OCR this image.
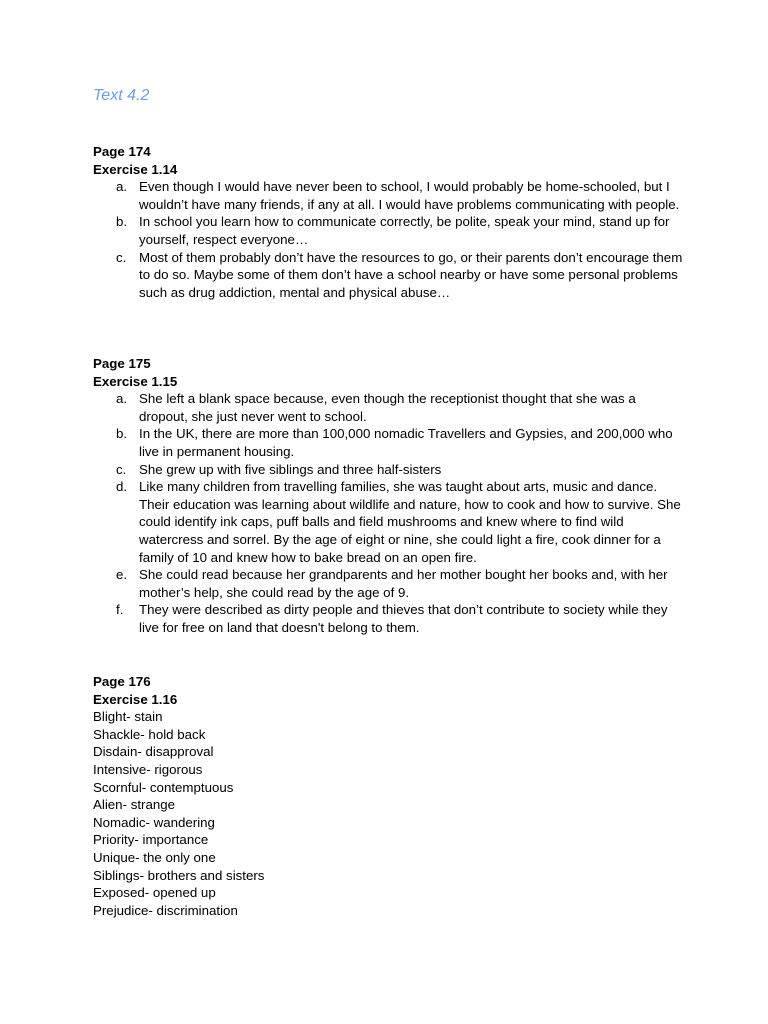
Text 4.2

Page 174

Exercise 1.14

a. Even though I would have never been to school, I would probably be home-schooled, but I wouldn’t have many friends, if any at all. I would have problems communicating with people.
b. In school you learn how to communicate correctly, be polite, speak your mind, stand up for yourself, respect everyone…
c. Most of them probably don’t have the resources to go, or their parents don’t encourage them to do so. Maybe some of them don’t have a school nearby or have some personal problems such as drug addiction, mental and physical abuse…

Page 175

Exercise 1.15

a. She left a blank space because, even though the receptionist thought that she was a dropout, she just never went to school.
b. In the UK, there are more than 100,000 nomadic Travellers and Gypsies, and 200,000 who live in permanent housing.
c. She grew up with five siblings and three half-sisters
d. Like many children from travelling families, she was taught about arts, music and dance. Their education was learning about wildlife and nature, how to cook and how to survive. She could identify ink caps, puff balls and field mushrooms and knew where to find wild watercress and sorrel. By the age of eight or nine, she could light a fire, cook dinner for a family of 10 and knew how to bake bread on an open fire.
e. She could read because her grandparents and her mother bought her books and, with her mother’s help, she could read by the age of 9.
f. They were described as dirty people and thieves that don’t contribute to society while they live for free on land that doesn't belong to them.

Page 176

Exercise 1.16

Blight- stain
Shackle- hold back
Disdain- disapproval
Intensive- rigorous
Scornful- contemptuous
Alien- strange
Nomadic- wandering
Priority- importance
Unique- the only one
Siblings- brothers and sisters
Exposed- opened up
Prejudice- discrimination
